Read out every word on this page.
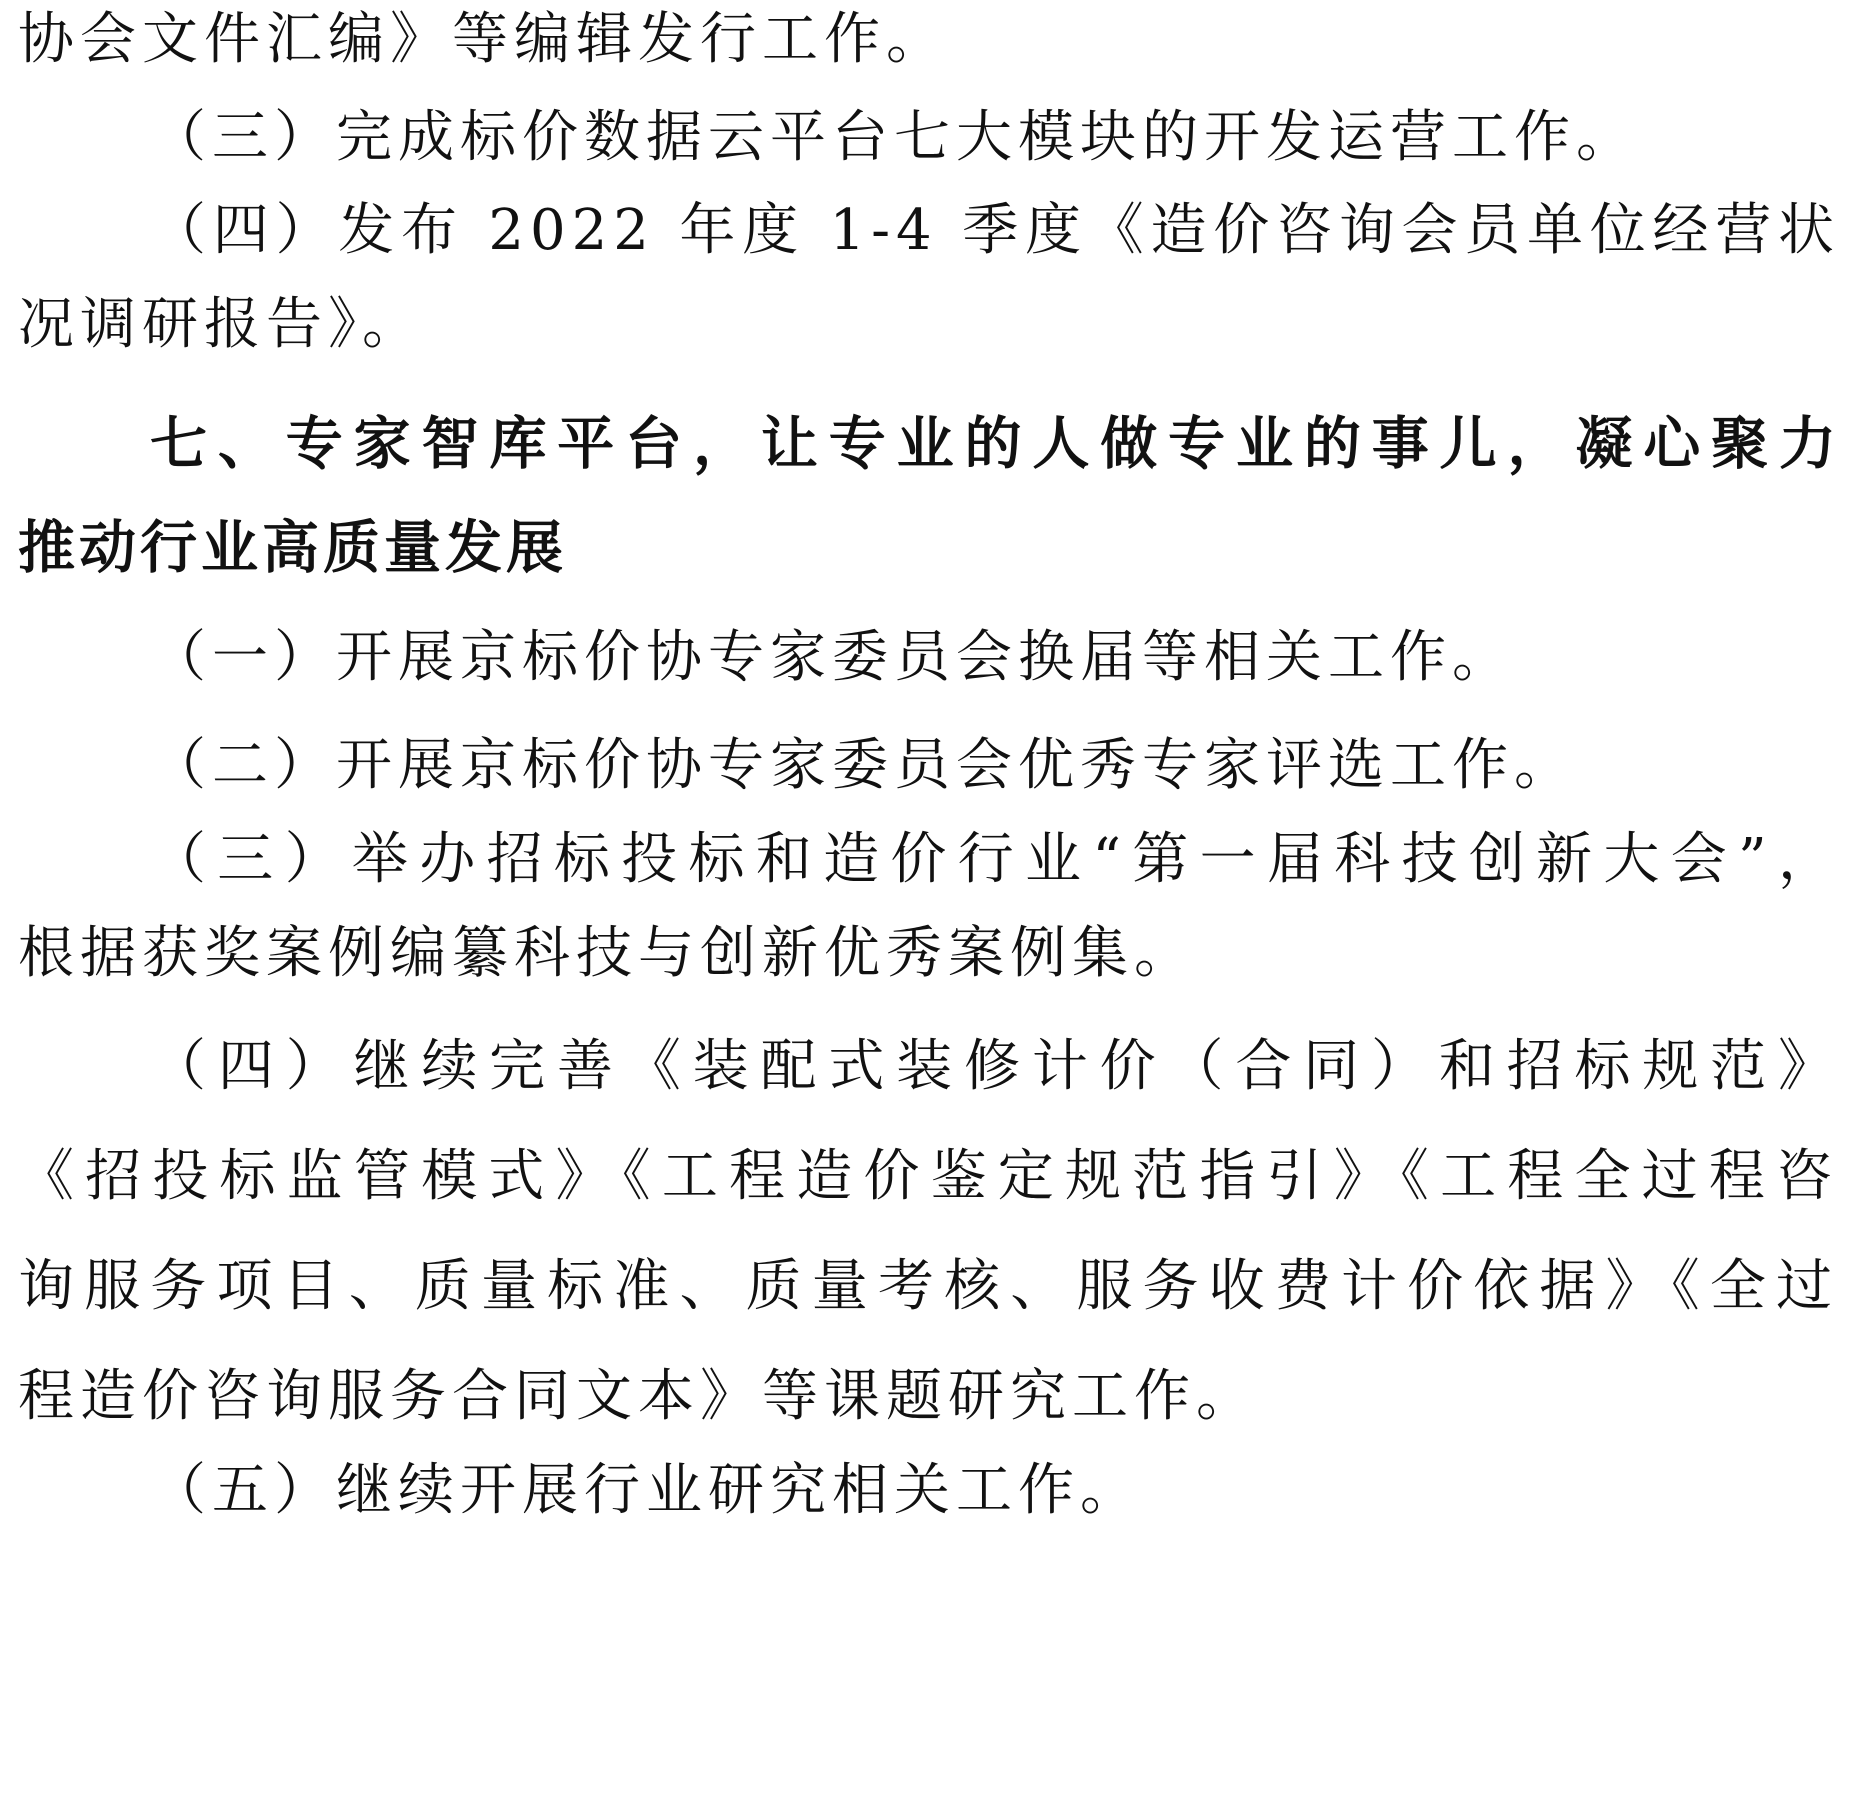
协会文件汇编》等编辑发行工作。
（三）完成标价数据云平台七大模块的开发运营工作。
（四）发布 2022 年度 1-4 季度《造价咨询会员单位经营状
况调研报告》。
七、专家智库平台，让专业的人做专业的事儿，凝心聚力
推动行业高质量发展
（一）开展京标价协专家委员会换届等相关工作。
（二）开展京标价协专家委员会优秀专家评选工作。
（三）举办招标投标和造价行业“第一届科技创新大会”，
根据获奖案例编纂科技与创新优秀案例集。
（四）继续完善《装配式装修计价（合同）和招标规范》
《招投标监管模式》《工程造价鉴定规范指引》《工程全过程咨
询服务项目、质量标准、质量考核、服务收费计价依据》《全过
程造价咨询服务合同文本》等课题研究工作。
（五）继续开展行业研究相关工作。
